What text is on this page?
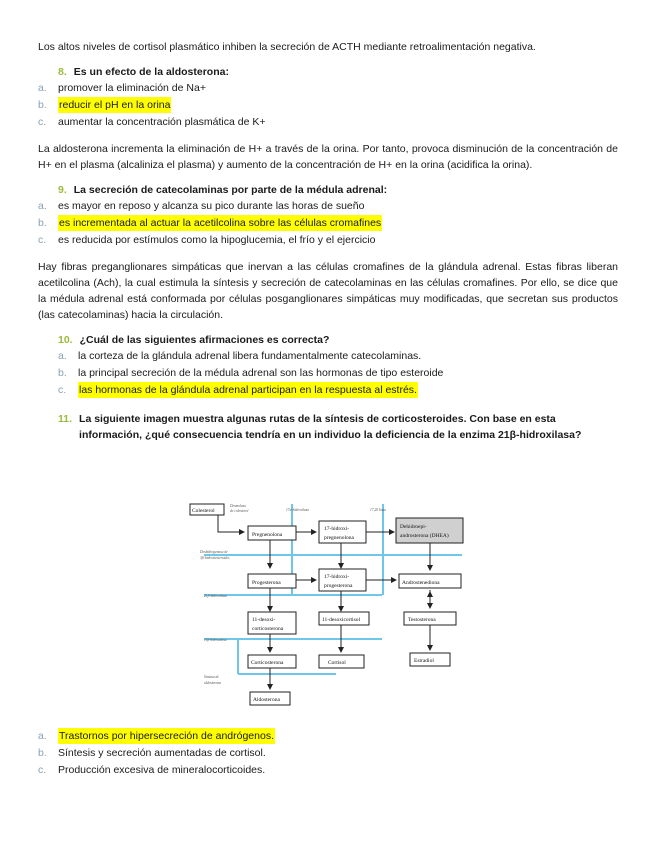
Los altos niveles de cortisol plasmático inhiben la secreción de ACTH mediante retroalimentación negativa.

8. Es un efecto de la aldosterona:
a.	promover la eliminación de Na+
b.	reducir el pH en la orina
c.	aumentar la concentración plasmática de K+

La aldosterona incrementa la eliminación de H+ a través de la orina. Por tanto, provoca disminución de la concentración de H+ en el plasma (alcaliniza el plasma) y aumento de la concentración de H+ en la orina (acidifica la orina).

9. La secreción de catecolaminas por parte de la médula adrenal:
a.	es mayor en reposo y alcanza su pico durante las horas de sueño
b.	es incrementada al actuar la acetilcolina sobre las células cromafines
c.	es reducida por estímulos como la hipoglucemia, el frío y el ejercicio

Hay fibras preganglionares simpáticas que inervan a las células cromafines de la glándula adrenal. Estas fibras liberan acetilcolina (Ach), la cual estimula la síntesis y secreción de catecolaminas en las células cromafines. Por ello, se dice que la médula adrenal está conformada por células posganglionares simpáticas muy modificadas, que secretan sus productos (las catecolaminas) hacia la circulación.

10. ¿Cuál de las siguientes afirmaciones es correcta?
a.	la corteza de la glándula adrenal libera fundamentalmente catecolaminas.
b.	la principal secreción de la médula adrenal son las hormonas de tipo esteroide
c.	las hormonas de la glándula adrenal participan en la respuesta al estrés.
11. La siguiente imagen muestra algunas rutas de la síntesis de corticosteroides. Con base en esta información, ¿qué consecuencia tendría en un individuo la deficiencia de la enzima 21β-hidroxilasa?
Colesterol
Pregnenolona
17-hidroxi-
pregnenolona
Dehidroepi-
androsterona (DHEA)
Progesterona
17-hidroxi-
progesterona	Androstenediona
11-desoxi-
corticosterona
11-desoxicortisol	Testosterona
Corticosterona	Cortisol	Estradiol
Aldosterona
Desmolasa
de colesterol	17α-hidroxilasa	17,20 liasa
Deshidrogenasa de
3β-hidroxiesteroides
21β-hidroxilasa
11β-hidroxilasa
Sintasa de
aldosterona
a.	Trastornos por hipersecreción de andrógenos.
b.	Síntesis y secreción aumentadas de cortisol.
c.	Producción excesiva de mineralocorticoides.
